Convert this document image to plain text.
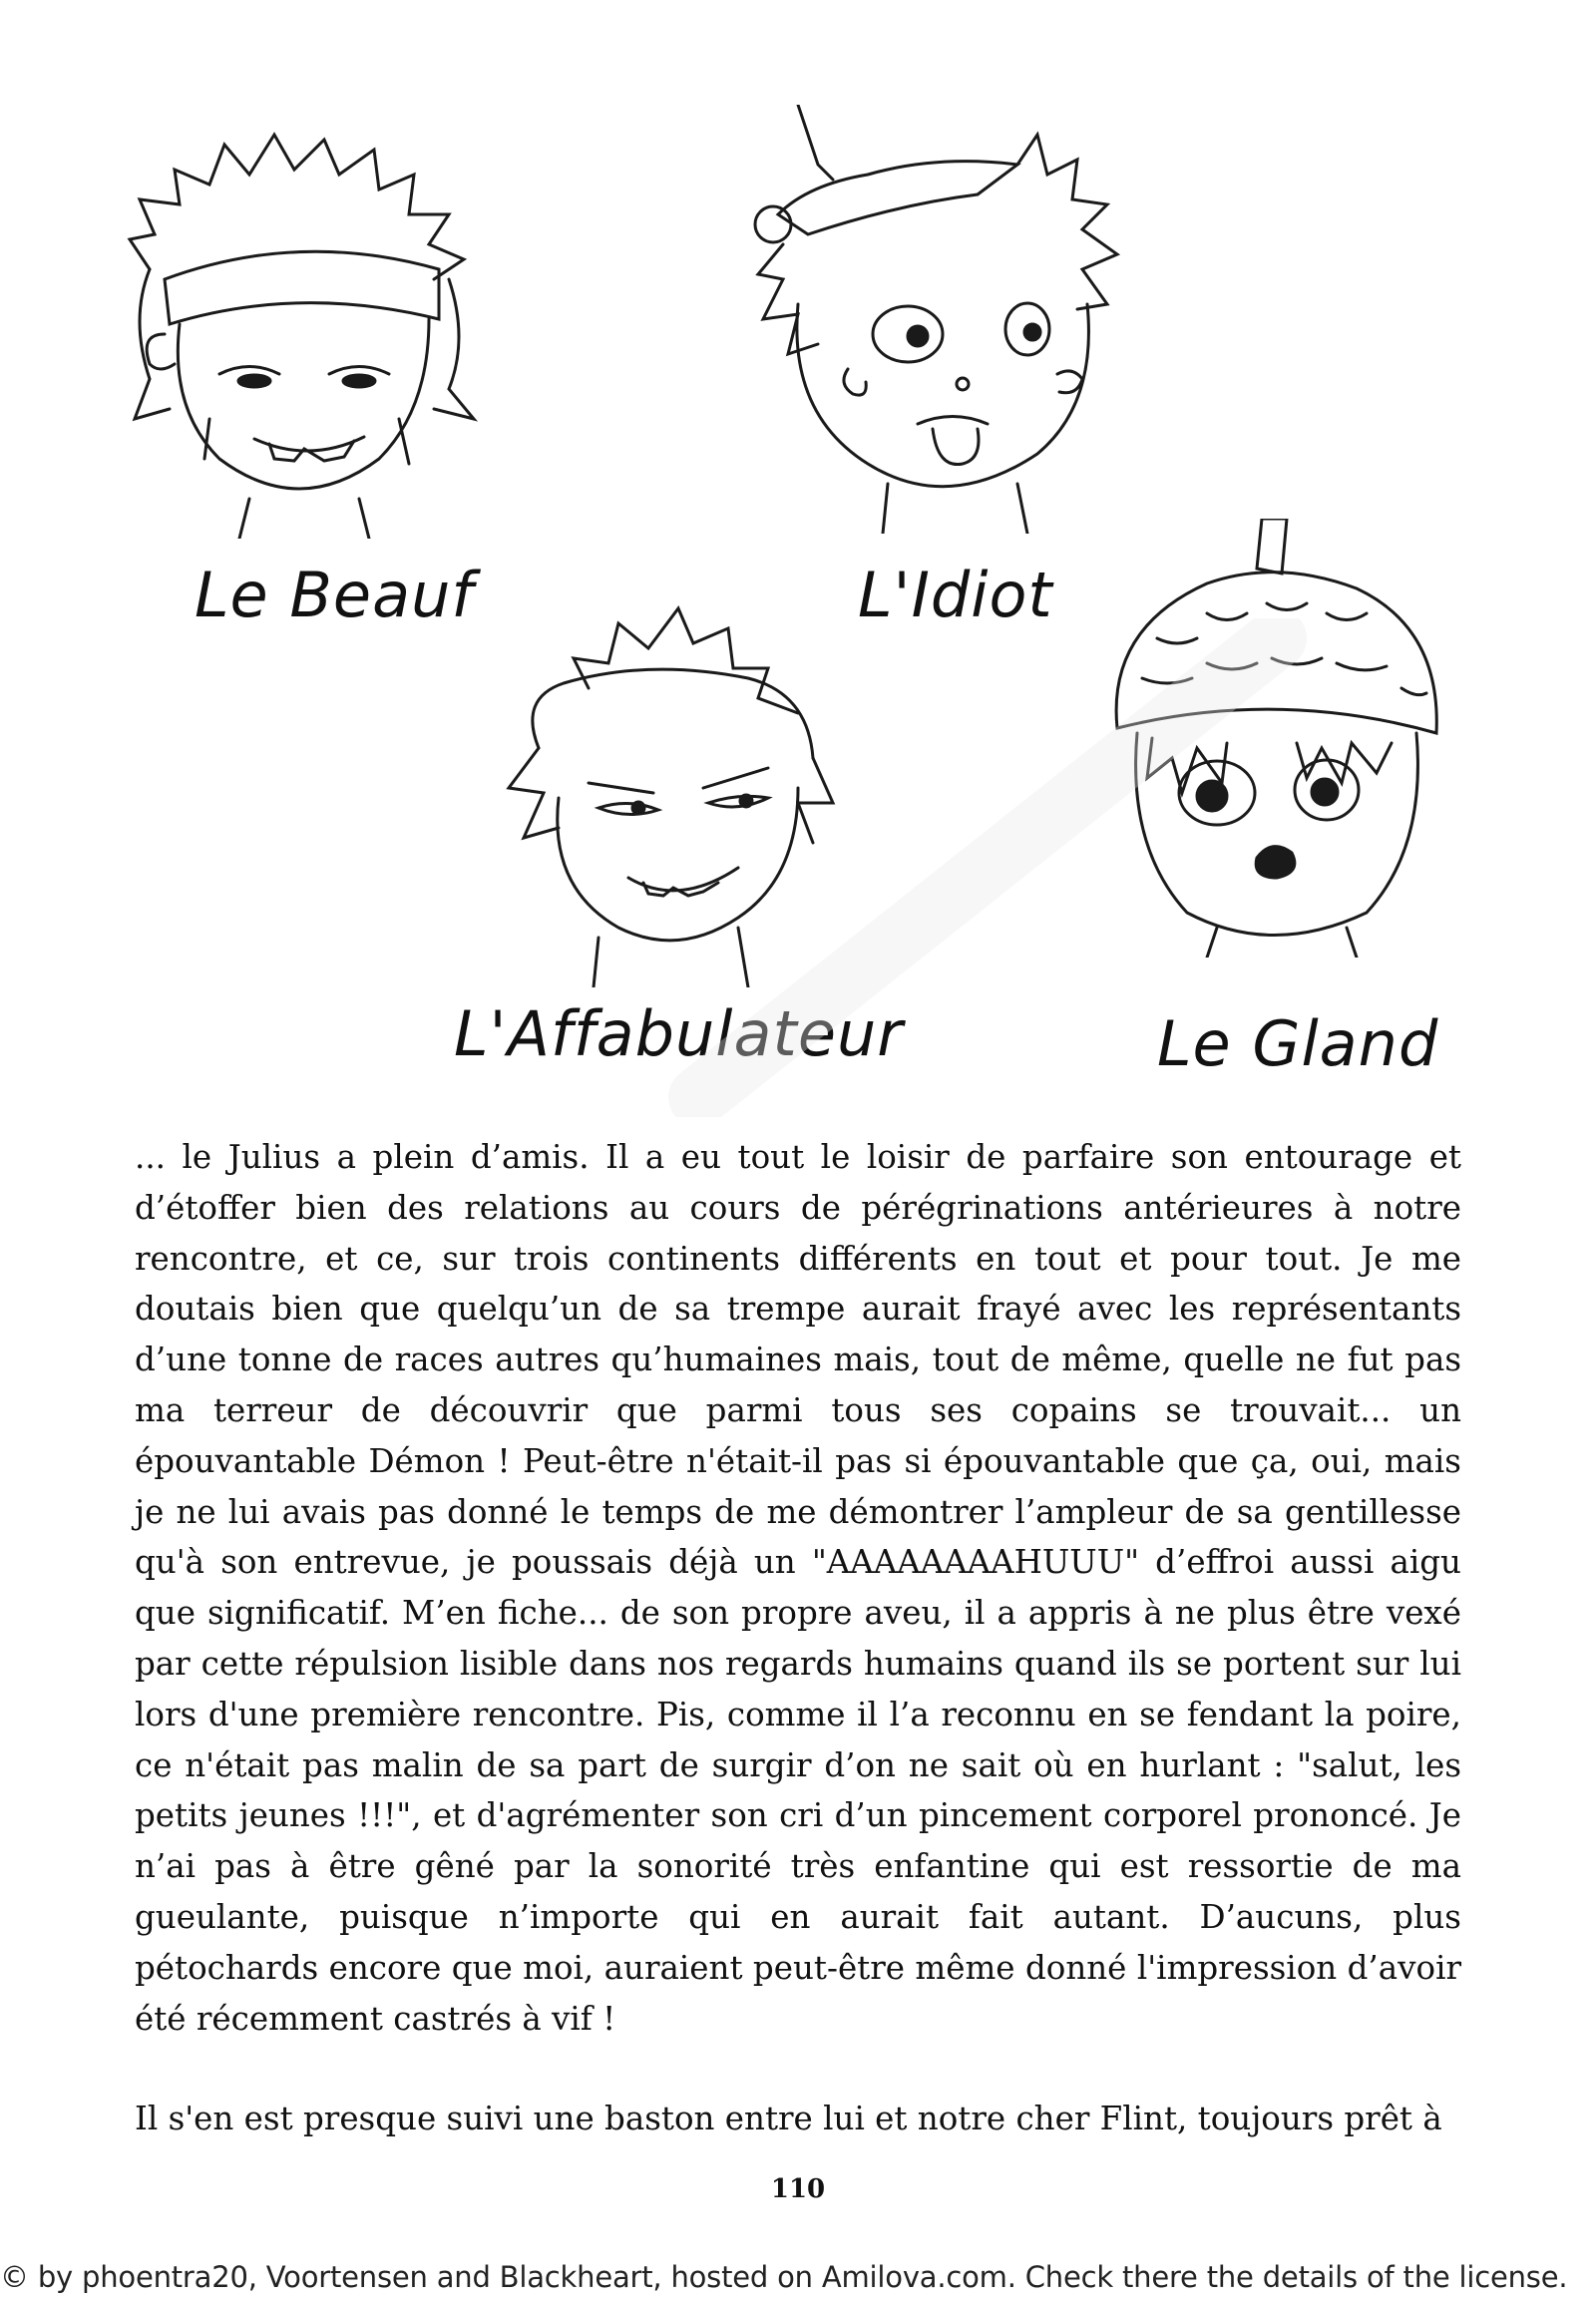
Le Beauf	L'Idiot
L'Affabulateur	Le Gland

... le Julius a plein d’amis. Il a eu tout le loisir de parfaire son entourage et d’étoffer bien des relations au cours de pérégrinations antérieures à notre rencontre, et ce, sur trois continents différents en tout et pour tout. Je me doutais bien que quelqu’un de sa trempe aurait frayé avec les représentants d’une tonne de races autres qu’humaines mais, tout de même, quelle ne fut pas ma terreur de découvrir que parmi tous ses copains se trouvait... un épouvantable Démon ! Peut-être n'était-il pas si épouvantable que ça, oui, mais je ne lui avais pas donné le temps de me démontrer l’ampleur de sa gentillesse qu'à son entrevue, je poussais déjà un "AAAAAAAAHUUU" d’effroi aussi aigu que significatif. M’en fiche... de son propre aveu, il a appris à ne plus être vexé par cette répulsion lisible dans nos regards humains quand ils se portent sur lui lors d'une première rencontre. Pis, comme il l’a reconnu en se fendant la poire, ce n'était pas malin de sa part de surgir d’on ne sait où en hurlant : "salut, les petits jeunes !!!", et d'agrémenter son cri d’un pincement corporel prononcé. Je n’ai pas à être gêné par la sonorité très enfantine qui est ressortie de ma gueulante, puisque n’importe qui en aurait fait autant. D’aucuns, plus pétochards encore que moi, auraient peut-être même donné l'impression d’avoir été récemment castrés à vif !

Il s'en est presque suivi une baston entre lui et notre cher Flint, toujours prêt à

110
© by phoentra20, Voortensen and Blackheart, hosted on Amilova.com. Check there the details of the license.
